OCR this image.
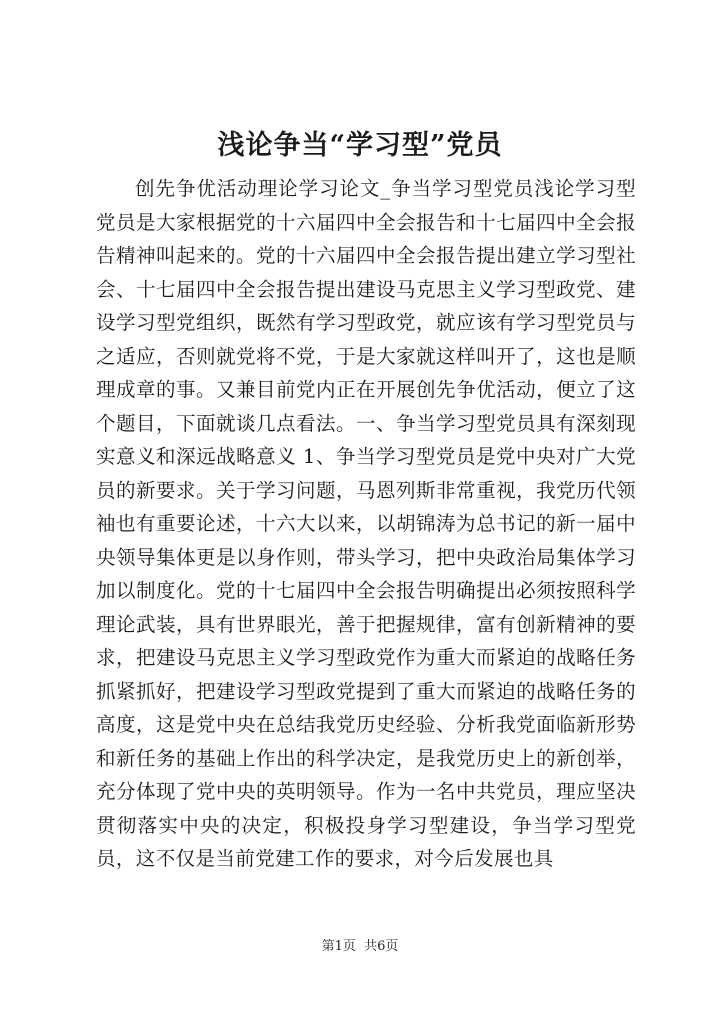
浅论争当“学习型”党员

创先争优活动理论学习论文_争当学习型党员浅论学习型党员是大家根据党的十六届四中全会报告和十七届四中全会报告精神叫起来的。党的十六届四中全会报告提出建立学习型社会、十七届四中全会报告提出建设马克思主义学习型政党、建设学习型党组织，既然有学习型政党，就应该有学习型党员与之适应，否则就党将不党，于是大家就这样叫开了，这也是顺理成章的事。又兼目前党内正在开展创先争优活动，便立了这个题目，下面就谈几点看法。一、争当学习型党员具有深刻现实意义和深远战略意义 1、争当学习型党员是党中央对广大党员的新要求。关于学习问题，马恩列斯非常重视，我党历代领袖也有重要论述，十六大以来，以胡锦涛为总书记的新一届中央领导集体更是以身作则，带头学习，把中央政治局集体学习加以制度化。党的十七届四中全会报告明确提出必须按照科学理论武装，具有世界眼光，善于把握规律，富有创新精神的要求，把建设马克思主义学习型政党作为重大而紧迫的战略任务抓紧抓好，把建设学习型政党提到了重大而紧迫的战略任务的高度，这是党中央在总结我党历史经验、分析我党面临新形势和新任务的基础上作出的科学决定，是我党历史上的新创举，充分体现了党中央的英明领导。作为一名中共党员，理应坚决贯彻落实中央的决定，积极投身学习型建设，争当学习型党员，这不仅是当前党建工作的要求，对今后发展也具

第1页 共6页
